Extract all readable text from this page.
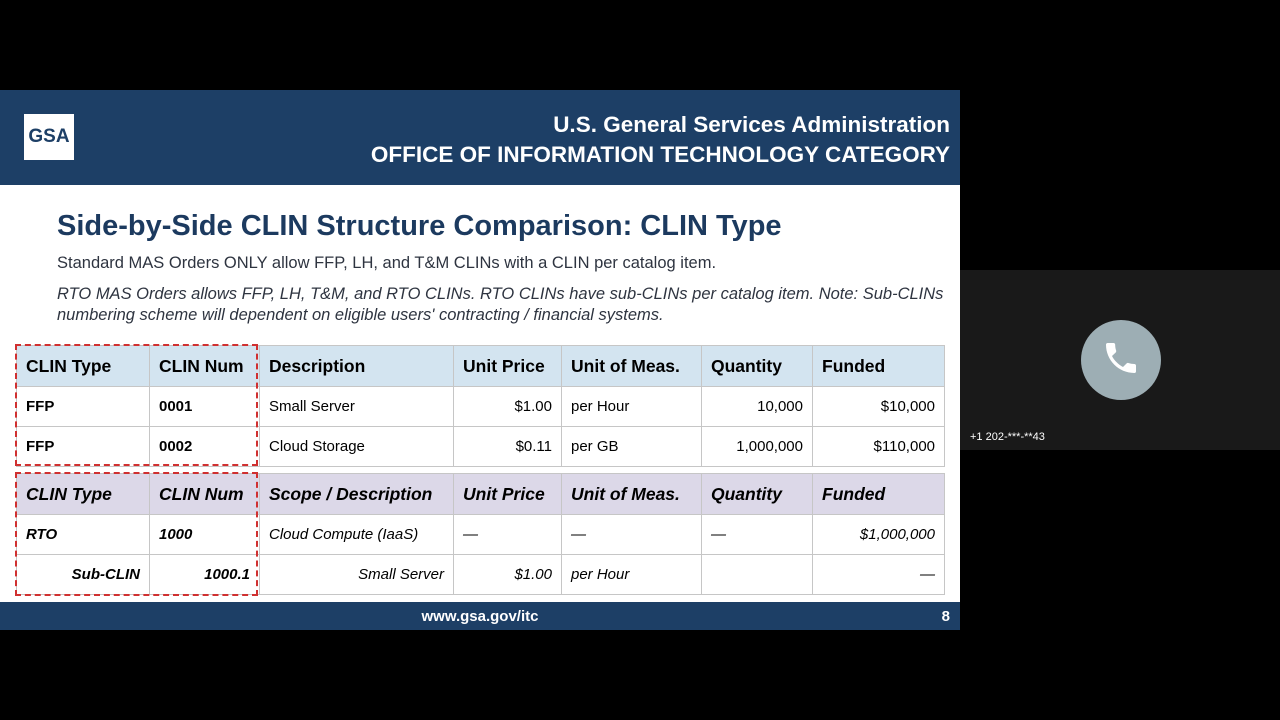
GSA	U.S. General Services Administration
OFFICE OF INFORMATION TECHNOLOGY CATEGORY
Side-by-Side CLIN Structure Comparison: CLIN Type
Standard MAS Orders ONLY allow FFP, LH, and T&M CLINs with a CLIN per catalog item.
RTO MAS Orders allows FFP, LH, T&M, and RTO CLINs. RTO CLINs have sub-CLINs per catalog item. Note: Sub-CLINs numbering scheme will dependent on eligible users' contracting / financial systems.
CLIN Type	CLIN Num	Description	Unit Price	Unit of Meas.	Quantity	Funded
FFP	0001	Small Server	$1.00	per Hour	10,000	$10,000
FFP	0002	Cloud Storage	$0.11	per GB	1,000,000	$110,000
CLIN Type	CLIN Num	Scope / Description	Unit Price	Unit of Meas.	Quantity	Funded
RTO	1000	Cloud Compute (IaaS)	—	—	—	$1,000,000
Sub-CLIN	1000.1	Small Server	$1.00	per Hour		—
www.gsa.gov/itc	8
+1 202-***-**43
